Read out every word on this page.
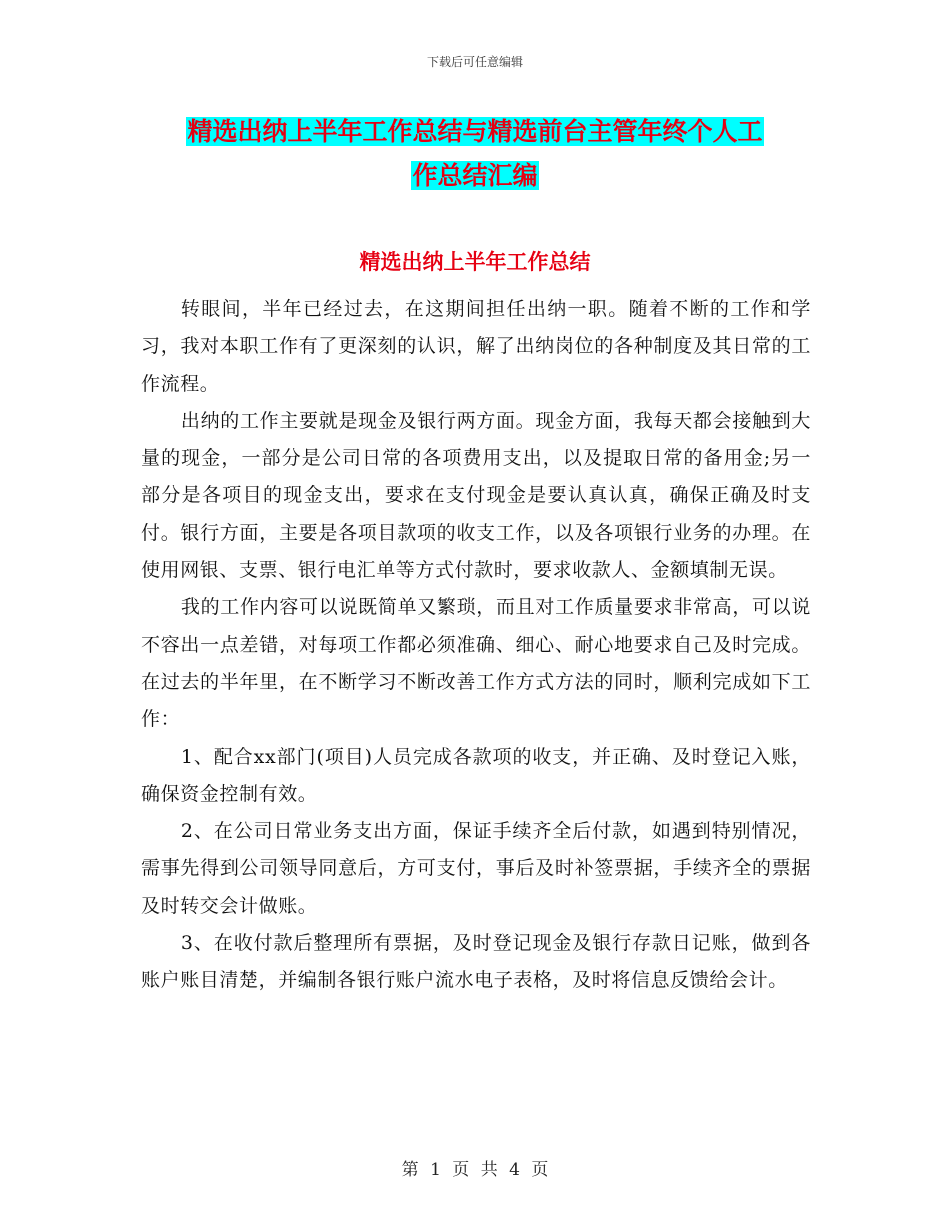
下载后可任意编辑
精选出纳上半年工作总结与精选前台主管年终个人工
作总结汇编
精选出纳上半年工作总结

转眼间，半年已经过去，在这期间担任出纳一职。随着不断的工作和学习，我对本职工作有了更深刻的认识，解了出纳岗位的各种制度及其日常的工作流程。

出纳的工作主要就是现金及银行两方面。现金方面，我每天都会接触到大量的现金，一部分是公司日常的各项费用支出，以及提取日常的备用金;另一部分是各项目的现金支出，要求在支付现金是要认真认真，确保正确及时支付。银行方面，主要是各项目款项的收支工作，以及各项银行业务的办理。在使用网银、支票、银行电汇单等方式付款时，要求收款人、金额填制无误。

我的工作内容可以说既简单又繁琐，而且对工作质量要求非常高，可以说不容出一点差错，对每项工作都必须准确、细心、耐心地要求自己及时完成。在过去的半年里，在不断学习不断改善工作方式方法的同时，顺利完成如下工作：

1、配合xx部门(项目)人员完成各款项的收支，并正确、及时登记入账，确保资金控制有效。

2、在公司日常业务支出方面，保证手续齐全后付款，如遇到特别情况，需事先得到公司领导同意后，方可支付，事后及时补签票据，手续齐全的票据及时转交会计做账。

3、在收付款后整理所有票据，及时登记现金及银行存款日记账，做到各账户账目清楚，并编制各银行账户流水电子表格，及时将信息反馈给会计。

第 1 页 共 4 页
